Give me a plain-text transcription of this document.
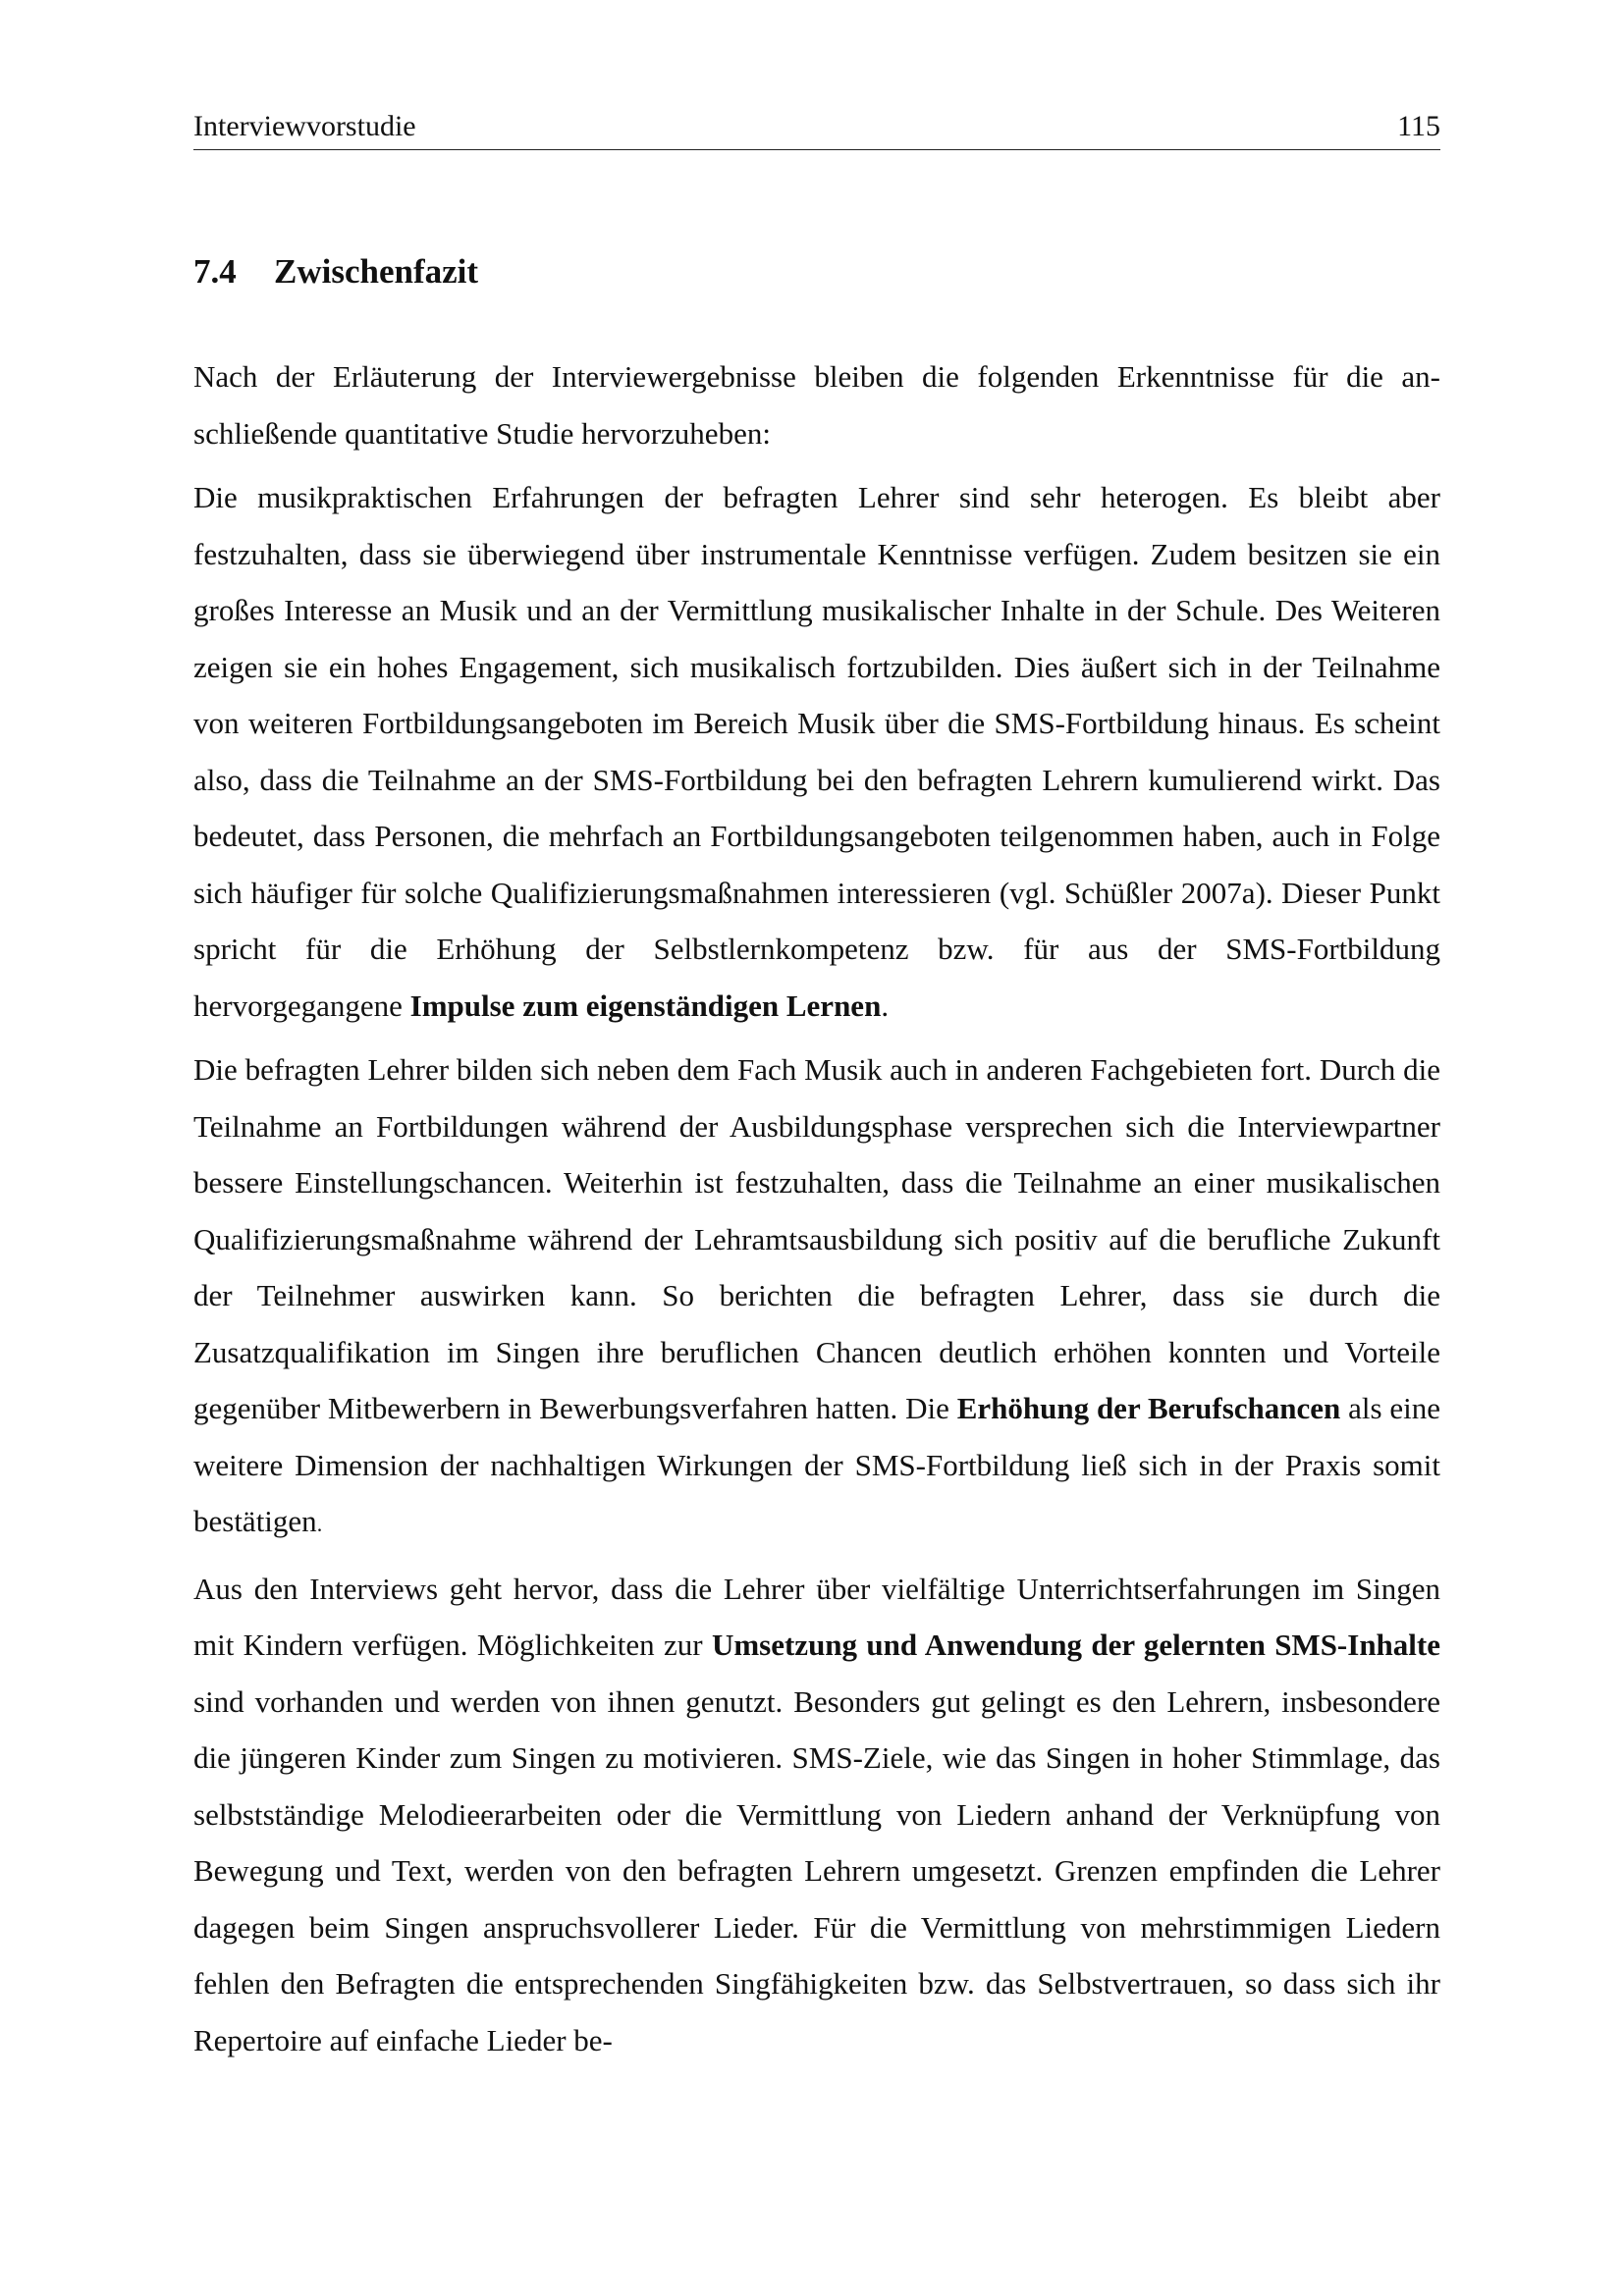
Interviewvorstudie	115
7.4 Zwischenfazit

Nach der Erläuterung der Interviewergebnisse bleiben die folgenden Erkenntnisse für die anschließende quantitative Studie hervorzuheben:

Die musikpraktischen Erfahrungen der befragten Lehrer sind sehr heterogen. Es bleibt aber festzuhalten, dass sie überwiegend über instrumentale Kenntnisse verfügen. Zudem besitzen sie ein großes Interesse an Musik und an der Vermittlung musikalischer Inhalte in der Schule. Des Weiteren zeigen sie ein hohes Engagement, sich musikalisch fortzubilden. Dies äußert sich in der Teilnahme von weiteren Fortbildungsangeboten im Bereich Musik über die SMS-Fortbildung hinaus. Es scheint also, dass die Teilnahme an der SMS-Fortbildung bei den befragten Lehrern kumulierend wirkt. Das bedeutet, dass Personen, die mehrfach an Fortbildungsangeboten teilgenommen haben, auch in Folge sich häufiger für solche Qualifizierungsmaßnahmen interessieren (vgl. Schüßler 2007a). Dieser Punkt spricht für die Erhöhung der Selbstlernkompetenz bzw. für aus der SMS-Fortbildung hervorgegangene Impulse zum eigenständigen Lernen.

Die befragten Lehrer bilden sich neben dem Fach Musik auch in anderen Fachgebieten fort. Durch die Teilnahme an Fortbildungen während der Ausbildungsphase versprechen sich die Interviewpartner bessere Einstellungschancen. Weiterhin ist festzuhalten, dass die Teilnahme an einer musikalischen Qualifizierungsmaßnahme während der Lehramtsausbildung sich positiv auf die berufliche Zukunft der Teilnehmer auswirken kann. So berichten die befragten Lehrer, dass sie durch die Zusatzqualifikation im Singen ihre beruflichen Chancen deutlich erhöhen konnten und Vorteile gegenüber Mitbewerbern in Bewerbungsverfahren hatten. Die Erhöhung der Berufschancen als eine weitere Dimension der nachhaltigen Wirkungen der SMS-Fortbildung ließ sich in der Praxis somit bestätigen.

Aus den Interviews geht hervor, dass die Lehrer über vielfältige Unterrichtserfahrungen im Singen mit Kindern verfügen. Möglichkeiten zur Umsetzung und Anwendung der gelernten SMS-Inhalte sind vorhanden und werden von ihnen genutzt. Besonders gut gelingt es den Lehrern, insbesondere die jüngeren Kinder zum Singen zu motivieren. SMS-Ziele, wie das Singen in hoher Stimmlage, das selbstständige Melodieerarbeiten oder die Vermittlung von Liedern anhand der Verknüpfung von Bewegung und Text, werden von den befragten Lehrern umgesetzt. Grenzen empfinden die Lehrer dagegen beim Singen anspruchsvollerer Lieder. Für die Vermittlung von mehrstimmigen Liedern fehlen den Befragten die entsprechenden Singfähigkeiten bzw. das Selbstvertrauen, so dass sich ihr Repertoire auf einfache Lieder be-
